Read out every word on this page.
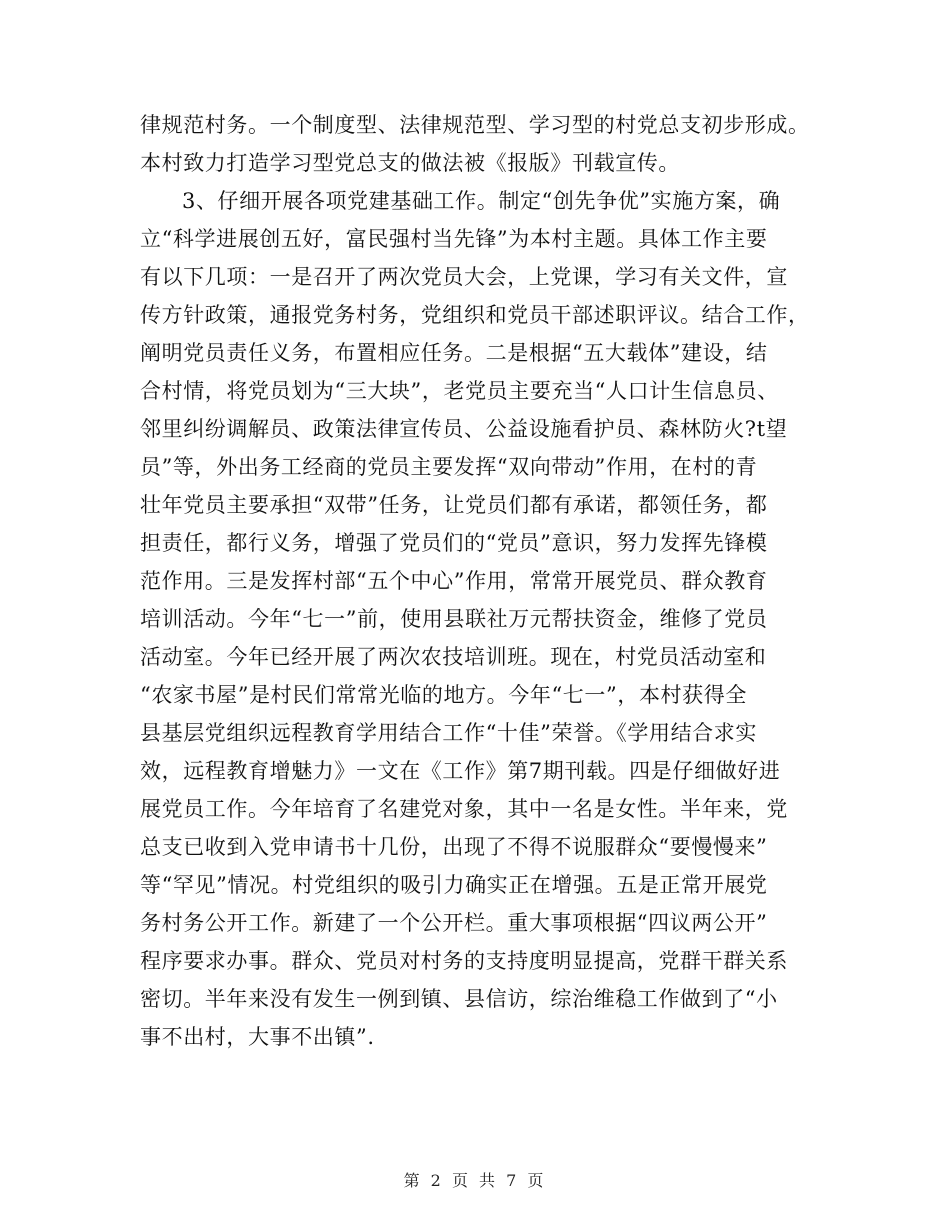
律规范村务。一个制度型、法律规范型、学习型的村党总支初步形成。
本村致力打造学习型党总支的做法被《报版》刊载宣传。
3、仔细开展各项党建基础工作。制定“创先争优”实施方案，确
立“科学进展创五好，富民强村当先锋”为本村主题。具体工作主要
有以下几项：一是召开了两次党员大会，上党课，学习有关文件，宣
传方针政策，通报党务村务，党组织和党员干部述职评议。结合工作，
阐明党员责任义务，布置相应任务。二是根据“五大载体”建设，结
合村情，将党员划为“三大块”，老党员主要充当“人口计生信息员、
邻里纠纷调解员、政策法律宣传员、公益设施看护员、森林防火?t望
员”等，外出务工经商的党员主要发挥“双向带动”作用，在村的青
壮年党员主要承担“双带”任务，让党员们都有承诺，都领任务，都
担责任，都行义务，增强了党员们的“党员”意识，努力发挥先锋模
范作用。三是发挥村部“五个中心”作用，常常开展党员、群众教育
培训活动。今年“七一”前，使用县联社万元帮扶资金，维修了党员
活动室。今年已经开展了两次农技培训班。现在，村党员活动室和
“农家书屋”是村民们常常光临的地方。今年“七一”，本村获得全
县基层党组织远程教育学用结合工作“十佳”荣誉。《学用结合求实
效，远程教育增魅力》一文在《工作》第7期刊载。四是仔细做好进
展党员工作。今年培育了名建党对象，其中一名是女性。半年来，党
总支已收到入党申请书十几份，出现了不得不说服群众“要慢慢来”
等“罕见”情况。村党组织的吸引力确实正在增强。五是正常开展党
务村务公开工作。新建了一个公开栏。重大事项根据“四议两公开”
程序要求办事。群众、党员对村务的支持度明显提高，党群干群关系
密切。半年来没有发生一例到镇、县信访，综治维稳工作做到了“小
事不出村，大事不出镇”.
第 2 页 共 7 页
